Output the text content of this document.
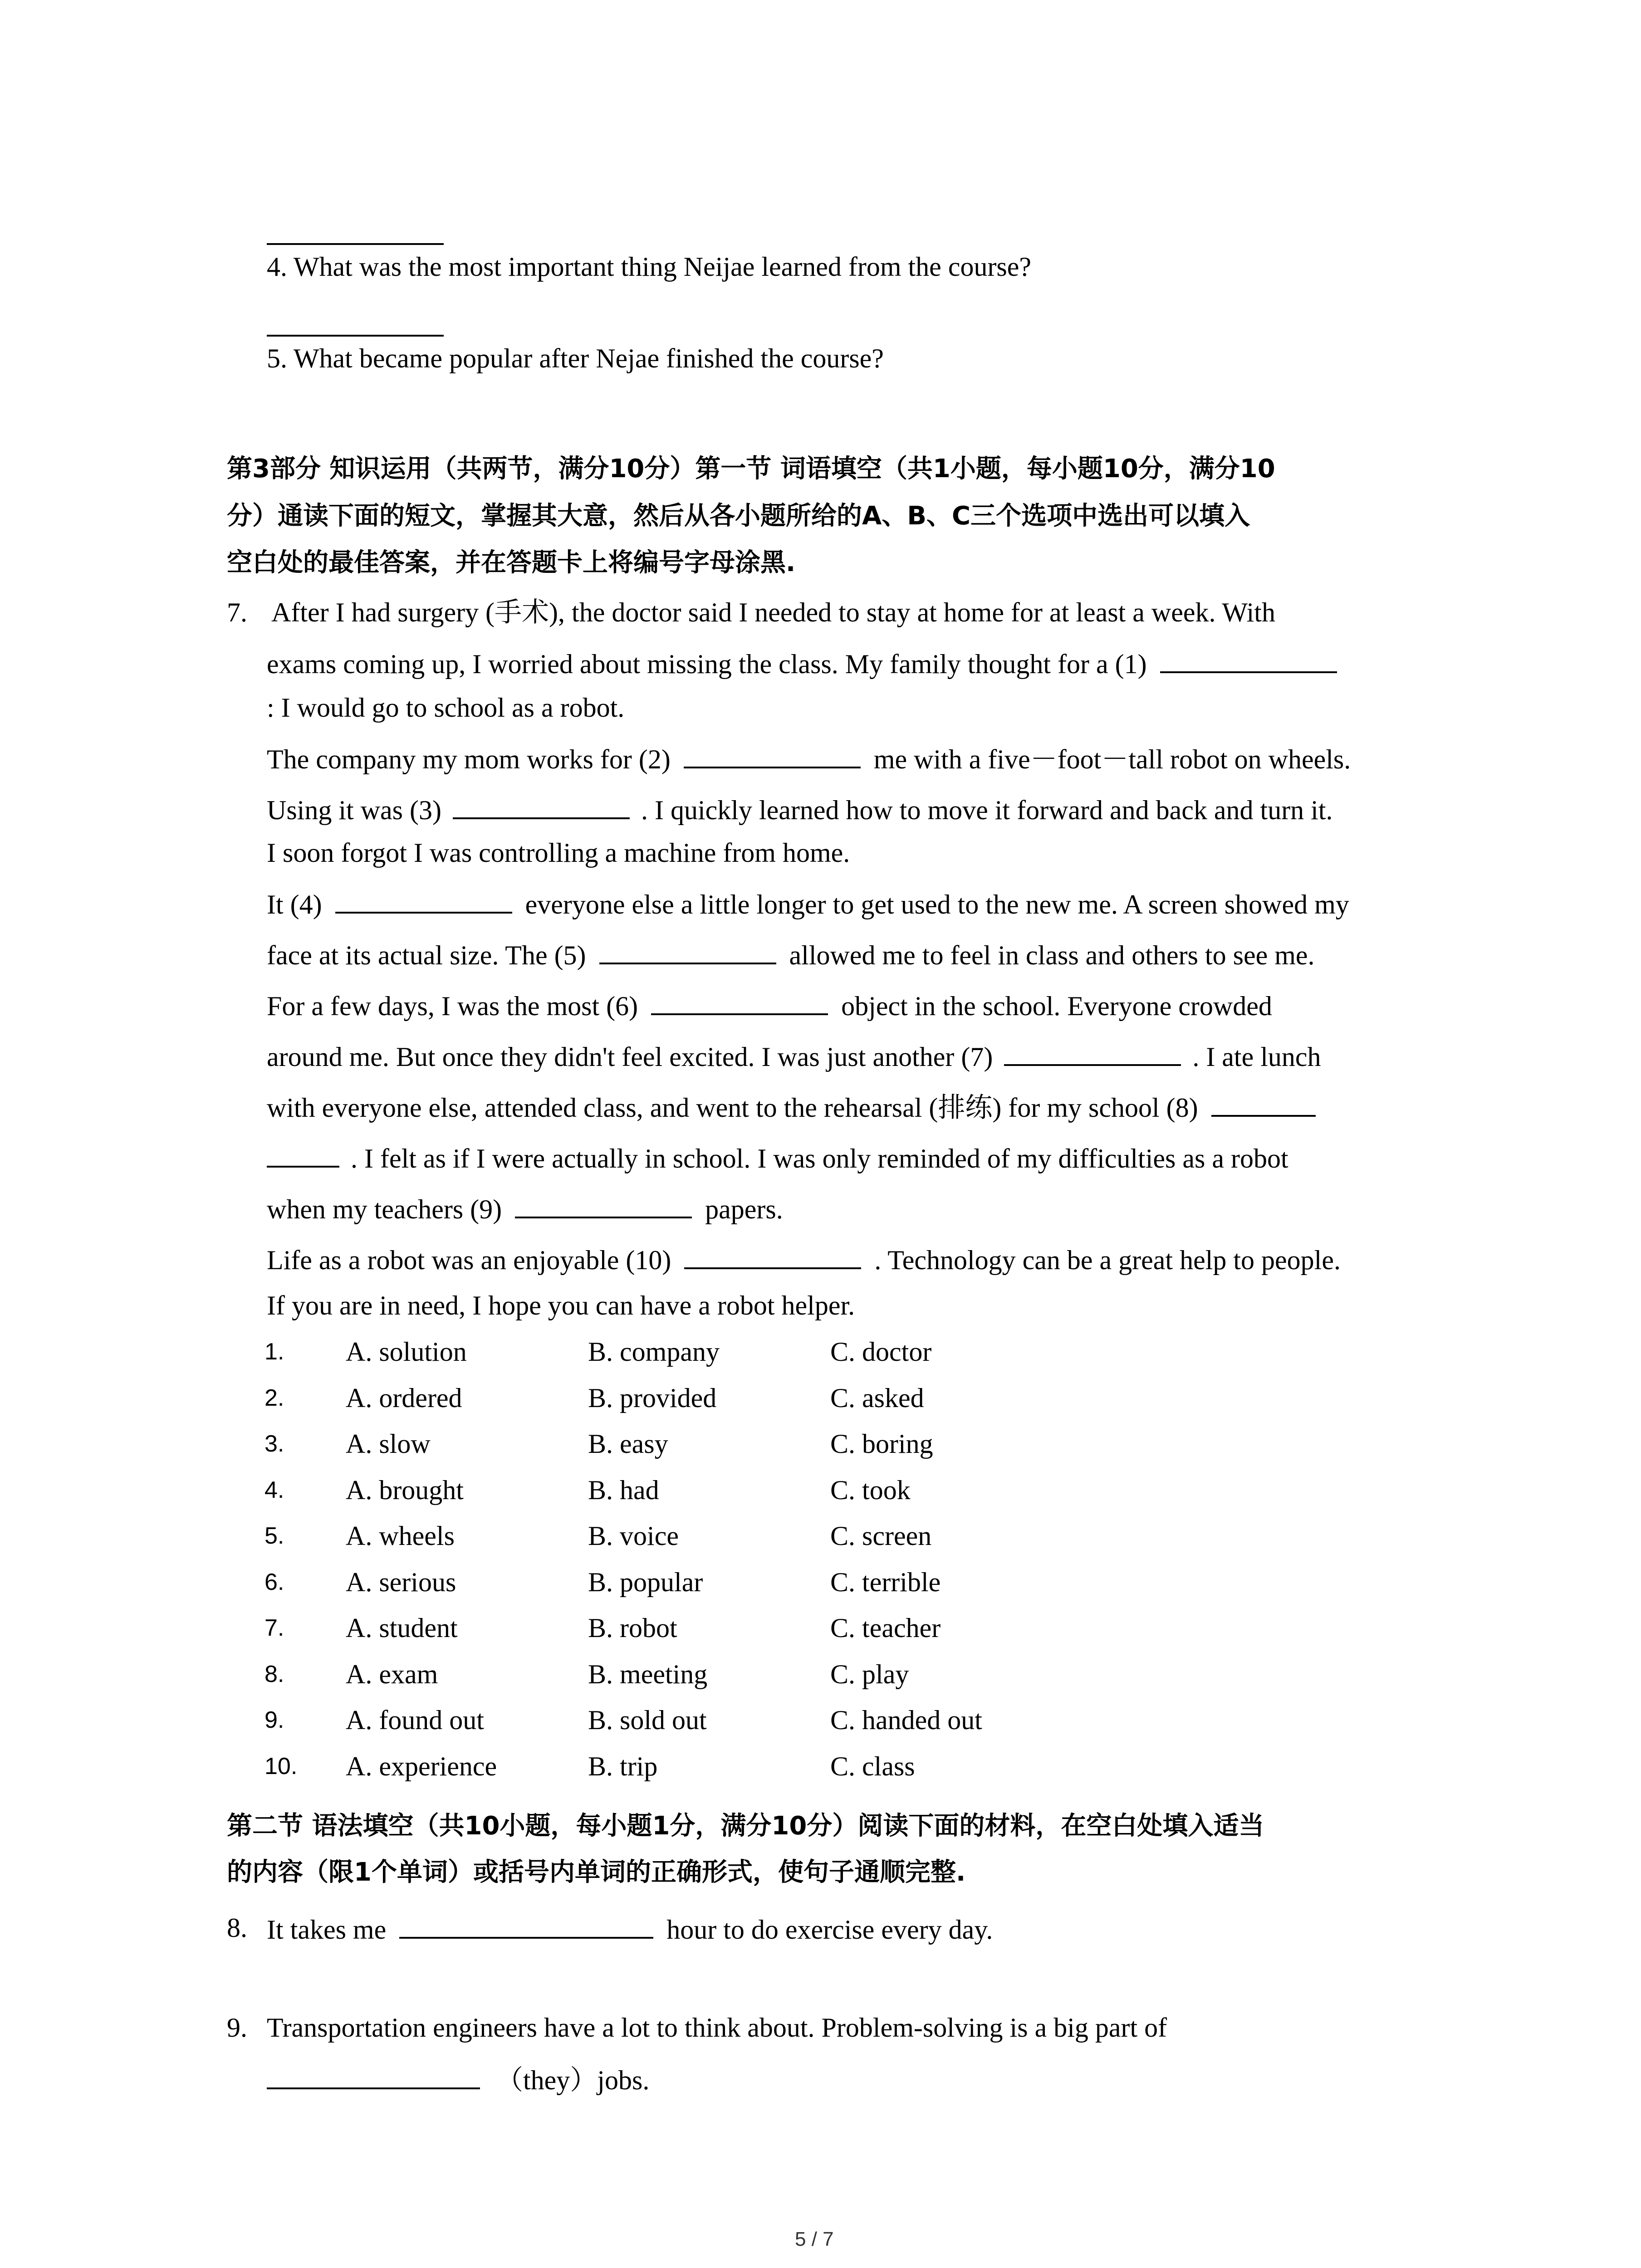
4. What was the most important thing Neijae learned from the course?
5. What became popular after Nejae finished the course?
第3部分 知识运用（共两节，满分10分）第一节 词语填空（共1小题，每小题10分，满分10
分）通读下面的短文，掌握其大意，然后从各小题所给的A、B、C三个选项中选出可以填入
空白处的最佳答案，并在答题卡上将编号字母涂黑.
7. After I had surgery (手术), the doctor said I needed to stay at home for at least a week. With
exams coming up, I worried about missing the class. My family thought for a (1)
: I would go to school as a robot.
The company my mom works for (2)	me with a five－foot－tall robot on wheels.
Using it was (3)	. I quickly learned how to move it forward and back and turn it.
I soon forgot I was controlling a machine from home.
It (4)	everyone else a little longer to get used to the new me. A screen showed my
face at its actual size. The (5)	allowed me to feel in class and others to see me.
For a few days, I was the most (6)	object in the school. Everyone crowded
around me. But once they didn't feel excited. I was just another (7)	. I ate lunch
with everyone else, attended class, and went to the rehearsal (排练) for my school (8)
. I felt as if I were actually in school. I was only reminded of my difficulties as a robot
when my teachers (9)	papers.
Life as a robot was an enjoyable (10)	. Technology can be a great help to people.
If you are in need, I hope you can have a robot helper.
1. A. solution	B. company	C. doctor
2. A. ordered	B. provided	C. asked
3. A. slow	B. easy	C. boring
4. A. brought	B. had	C. took
5. A. wheels	B. voice	C. screen
6. A. serious	B. popular	C. terrible
7. A. student	B. robot	C. teacher
8. A. exam	B. meeting	C. play
9. A. found out	B. sold out	C. handed out
10. A. experience	B. trip	C. class
第二节 语法填空（共10小题，每小题1分，满分10分）阅读下面的材料，在空白处填入适当
的内容（限1个单词）或括号内单词的正确形式，使句子通顺完整.
8. It takes me	hour to do exercise every day.
9. Transportation engineers have a lot to think about. Problem-solving is a big part of
（they）jobs.
5 / 7
